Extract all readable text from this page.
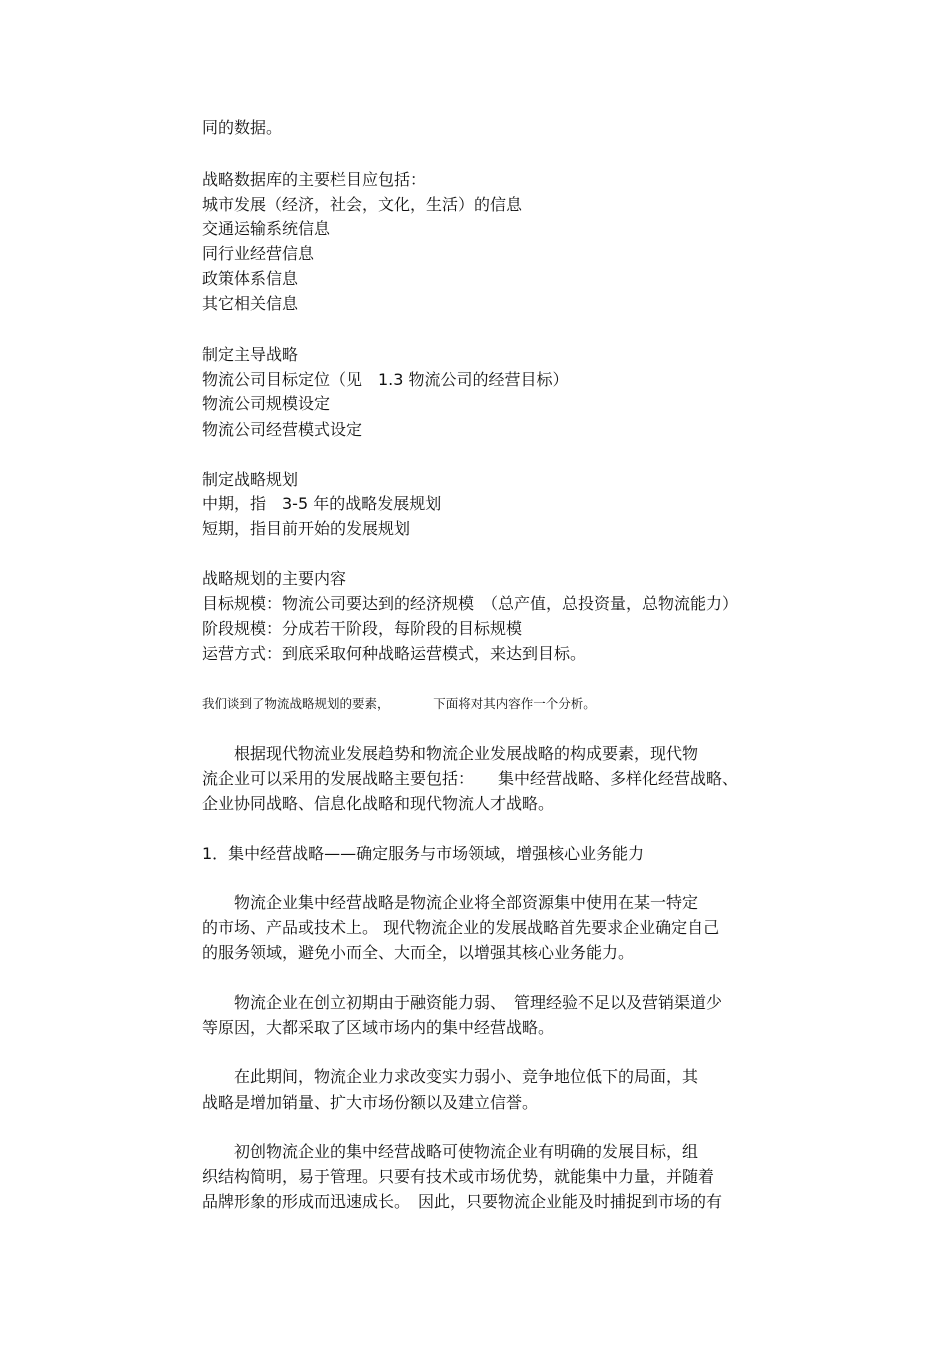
同的数据。
战略数据库的主要栏目应包括：
城市发展（经济，社会，文化，生活）的信息
交通运输系统信息
同行业经营信息
政策体系信息
其它相关信息
制定主导战略
物流公司目标定位（见　1.3 物流公司的经营目标）
物流公司规模设定
物流公司经营模式设定
制定战略规划
中期，指　3-5 年的战略发展规划
短期，指目前开始的发展规划
战略规划的主要内容
目标规模：物流公司要达到的经济规模　（总产值，总投资量，总物流能力）
阶段规模：分成若干阶段，每阶段的目标规模
运营方式：到底采取何种战略运营模式，来达到目标。
我们谈到了物流战略规划的要素，　　　　下面将对其内容作一个分析。
　　根据现代物流业发展趋势和物流企业发展战略的构成要素，现代物
流企业可以采用的发展战略主要包括：　　集中经营战略、多样化经营战略、
企业协同战略、信息化战略和现代物流人才战略。
1．集中经营战略——确定服务与市场领域，增强核心业务能力
　　物流企业集中经营战略是物流企业将全部资源集中使用在某一特定
的市场、产品或技术上。 现代物流企业的发展战略首先要求企业确定自己
的服务领域，避免小而全、大而全，以增强其核心业务能力。
　　物流企业在创立初期由于融资能力弱、　管理经验不足以及营销渠道少
等原因，大都采取了区域市场内的集中经营战略。
　　在此期间，物流企业力求改变实力弱小、竞争地位低下的局面，其
战略是增加销量、扩大市场份额以及建立信誉。
　　初创物流企业的集中经营战略可使物流企业有明确的发展目标，组
织结构简明，易于管理。只要有技术或市场优势，就能集中力量，并随着
品牌形象的形成而迅速成长。　因此，只要物流企业能及时捕捉到市场的有
